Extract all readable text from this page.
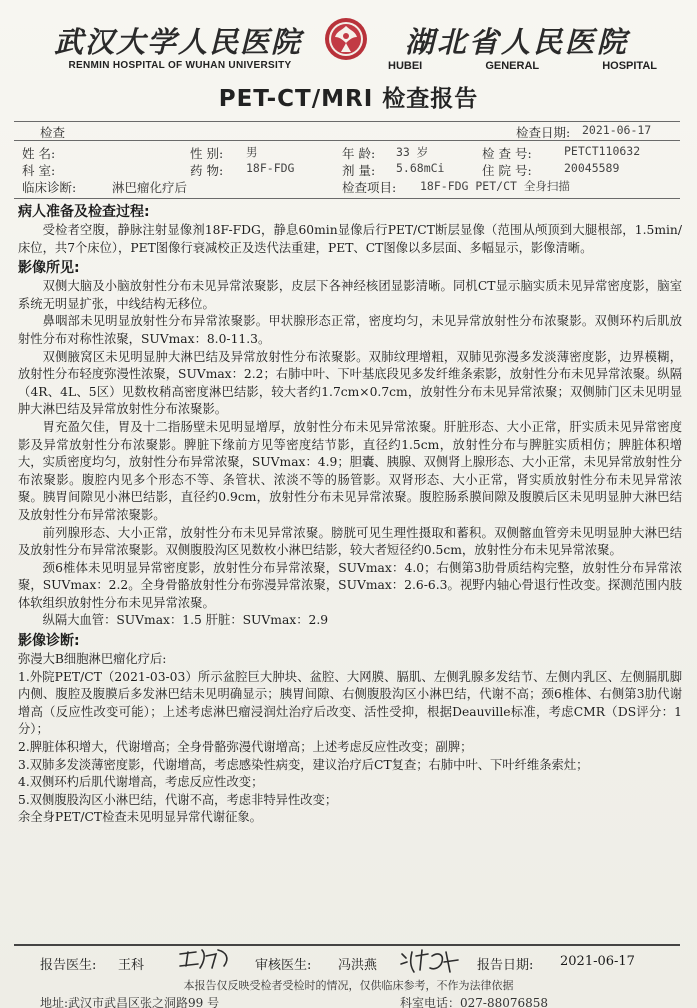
武汉大学人民医院
RENMIN HOSPITAL OF WUHAN UNIVERSITY
湖北省人民医院
HUBEI	GENERAL	HOSPITAL
PET-CT/MRI 检查报告
检查	检查日期: 2021-06-17
姓 名:	性 别: 男	年 龄: 33 岁	检 查 号:	PETCT110632
科 室:	药 物: 18F-FDG	剂 量: 5.68mCi	住 院 号:	20045589
临床诊断:	淋巴瘤化疗后	检查项目: 18F-FDG PET/CT 全身扫描
病人准备及检查过程:

受检者空腹，静脉注射显像剂18F-FDG，静息60min显像后行PET/CT断层显像（范围从颅顶到大腿根部，1.5min/床位，共7个床位），PET图像行衰减校正及迭代法重建，PET、CT图像以多层面、多幅显示，影像清晰。

影像所见:

双侧大脑及小脑放射性分布未见异常浓聚影，皮层下各神经核团显影清晰。同机CT显示脑实质未见异常密度影，脑室系统无明显扩张，中线结构无移位。

鼻咽部未见明显放射性分布异常浓聚影。甲状腺形态正常，密度均匀，未见异常放射性分布浓聚影。双侧环杓后肌放射性分布对称性浓聚，SUVmax：8.0-11.3。

双侧腋窝区未见明显肿大淋巴结及异常放射性分布浓聚影。双肺纹理增粗，双肺见弥漫多发淡薄密度影，边界模糊，放射性分布轻度弥漫性浓聚，SUVmax：2.2；右肺中叶、下叶基底段见多发纤维条索影，放射性分布未见异常浓聚。纵隔（4R、4L、5区）见数枚稍高密度淋巴结影，较大者约1.7cm×0.7cm，放射性分布未见异常浓聚；双侧肺门区未见明显肿大淋巴结及异常放射性分布浓聚影。

胃充盈欠佳，胃及十二指肠壁未见明显增厚，放射性分布未见异常浓聚。肝脏形态、大小正常，肝实质未见异常密度影及异常放射性分布浓聚影。脾脏下缘前方见等密度结节影，直径约1.5cm，放射性分布与脾脏实质相仿；脾脏体积增大，实质密度均匀，放射性分布异常浓聚，SUVmax：4.9；胆囊、胰腺、双侧肾上腺形态、大小正常，未见异常放射性分布浓聚影。腹腔内见多个形态不等、条管状、浓淡不等的肠管影。双肾形态、大小正常，肾实质放射性分布未见异常浓聚。胰胃间隙见小淋巴结影，直径约0.9cm，放射性分布未见异常浓聚。腹腔肠系膜间隙及腹膜后区未见明显肿大淋巴结及放射性分布异常浓聚影。

前列腺形态、大小正常，放射性分布未见异常浓聚。膀胱可见生理性摄取和蓄积。双侧髂血管旁未见明显肿大淋巴结及放射性分布异常浓聚影。双侧腹股沟区见数枚小淋巴结影，较大者短径约0.5cm，放射性分布未见异常浓聚。

颈6椎体未见明显异常密度影，放射性分布异常浓聚，SUVmax：4.0；右侧第3肋骨质结构完整，放射性分布异常浓聚，SUVmax：2.2。全身骨骼放射性分布弥漫异常浓聚，SUVmax：2.6-6.3。视野内轴心骨退行性改变。探测范围内肢体软组织放射性分布未见异常浓聚。

纵隔大血管：SUVmax：1.5 肝脏：SUVmax：2.9

影像诊断:

弥漫大B细胞淋巴瘤化疗后:

1.外院PET/CT（2021-03-03）所示盆腔巨大肿块、盆腔、大网膜、膈肌、左侧乳腺多发结节、左侧内乳区、左侧膈肌脚内侧、腹腔及腹膜后多发淋巴结未见明确显示；胰胃间隙、右侧腹股沟区小淋巴结，代谢不高；颈6椎体、右侧第3肋代谢增高（反应性改变可能）；上述考虑淋巴瘤浸润灶治疗后改变、活性受抑，根据Deauville标准，考虑CMR（DS评分：1分）；

2.脾脏体积增大，代谢增高；全身骨骼弥漫代谢增高；上述考虑反应性改变；副脾；

3.双肺多发淡薄密度影，代谢增高，考虑感染性病变，建议治疗后CT复查；右肺中叶、下叶纤维条索灶；

4.双侧环杓后肌代谢增高，考虑反应性改变；

5.双侧腹股沟区小淋巴结，代谢不高，考虑非特异性改变；

余全身PET/CT检查未见明显异常代谢征象。

报告医生: 王科	审核医生: 冯洪燕	报告日期: 2021-06-17
本报告仅反映受检者受检时的情况，仅供临床参考，不作为法律依据
地址:武汉市武昌区张之洞路99 号	科室电话：027-88076858
